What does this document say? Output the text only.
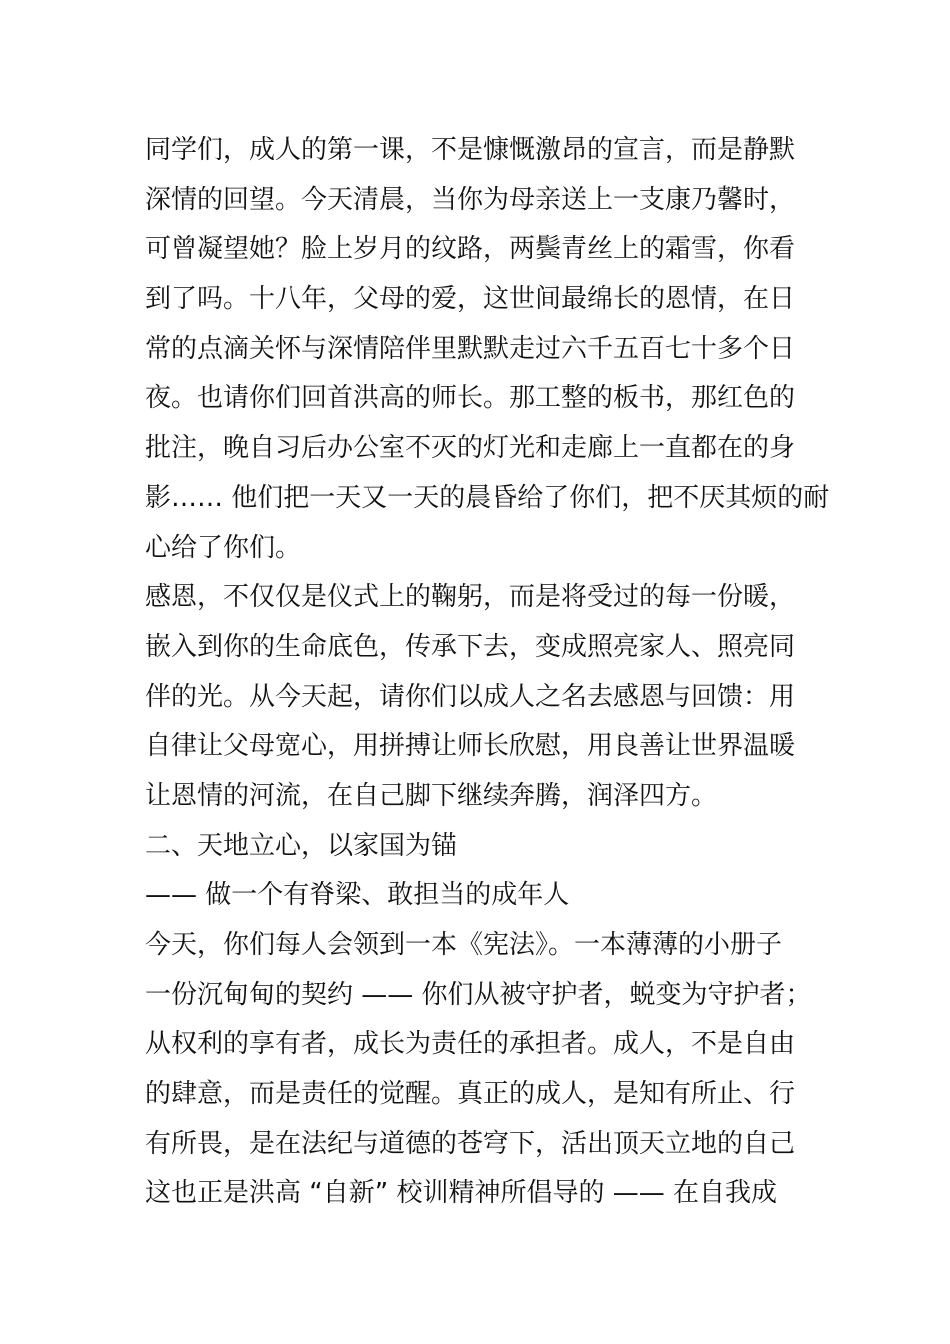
同学们，成人的第一课，不是慷慨激昂的宣言，而是静默
深情的回望。今天清晨，当你为母亲送上一支康乃馨时，
可曾凝望她？脸上岁月的纹路，两鬓青丝上的霜雪，你看
到了吗。十八年，父母的爱，这世间最绵长的恩情，在日
常的点滴关怀与深情陪伴里默默走过六千五百七十多个日
夜。也请你们回首洪高的师长。那工整的板书，那红色的
批注，晚自习后办公室不灭的灯光和走廊上一直都在的身
影…… 他们把一天又一天的晨昏给了你们，把不厌其烦的耐
心给了你们。
感恩，不仅仅是仪式上的鞠躬，而是将受过的每一份暖，
嵌入到你的生命底色，传承下去，变成照亮家人、照亮同
伴的光。从今天起，请你们以成人之名去感恩与回馈：用
自律让父母宽心，用拼搏让师长欣慰，用良善让世界温暖
让恩情的河流，在自己脚下继续奔腾，润泽四方。
二、天地立心，以家国为锚
—— 做一个有脊梁、敢担当的成年人
今天，你们每人会领到一本《宪法》。一本薄薄的小册子
一份沉甸甸的契约 —— 你们从被守护者，蜕变为守护者；
从权利的享有者，成长为责任的承担者。成人，不是自由
的肆意，而是责任的觉醒。真正的成人，是知有所止、行
有所畏，是在法纪与道德的苍穹下，活出顶天立地的自己
这也正是洪高 “自新” 校训精神所倡导的 —— 在自我成
